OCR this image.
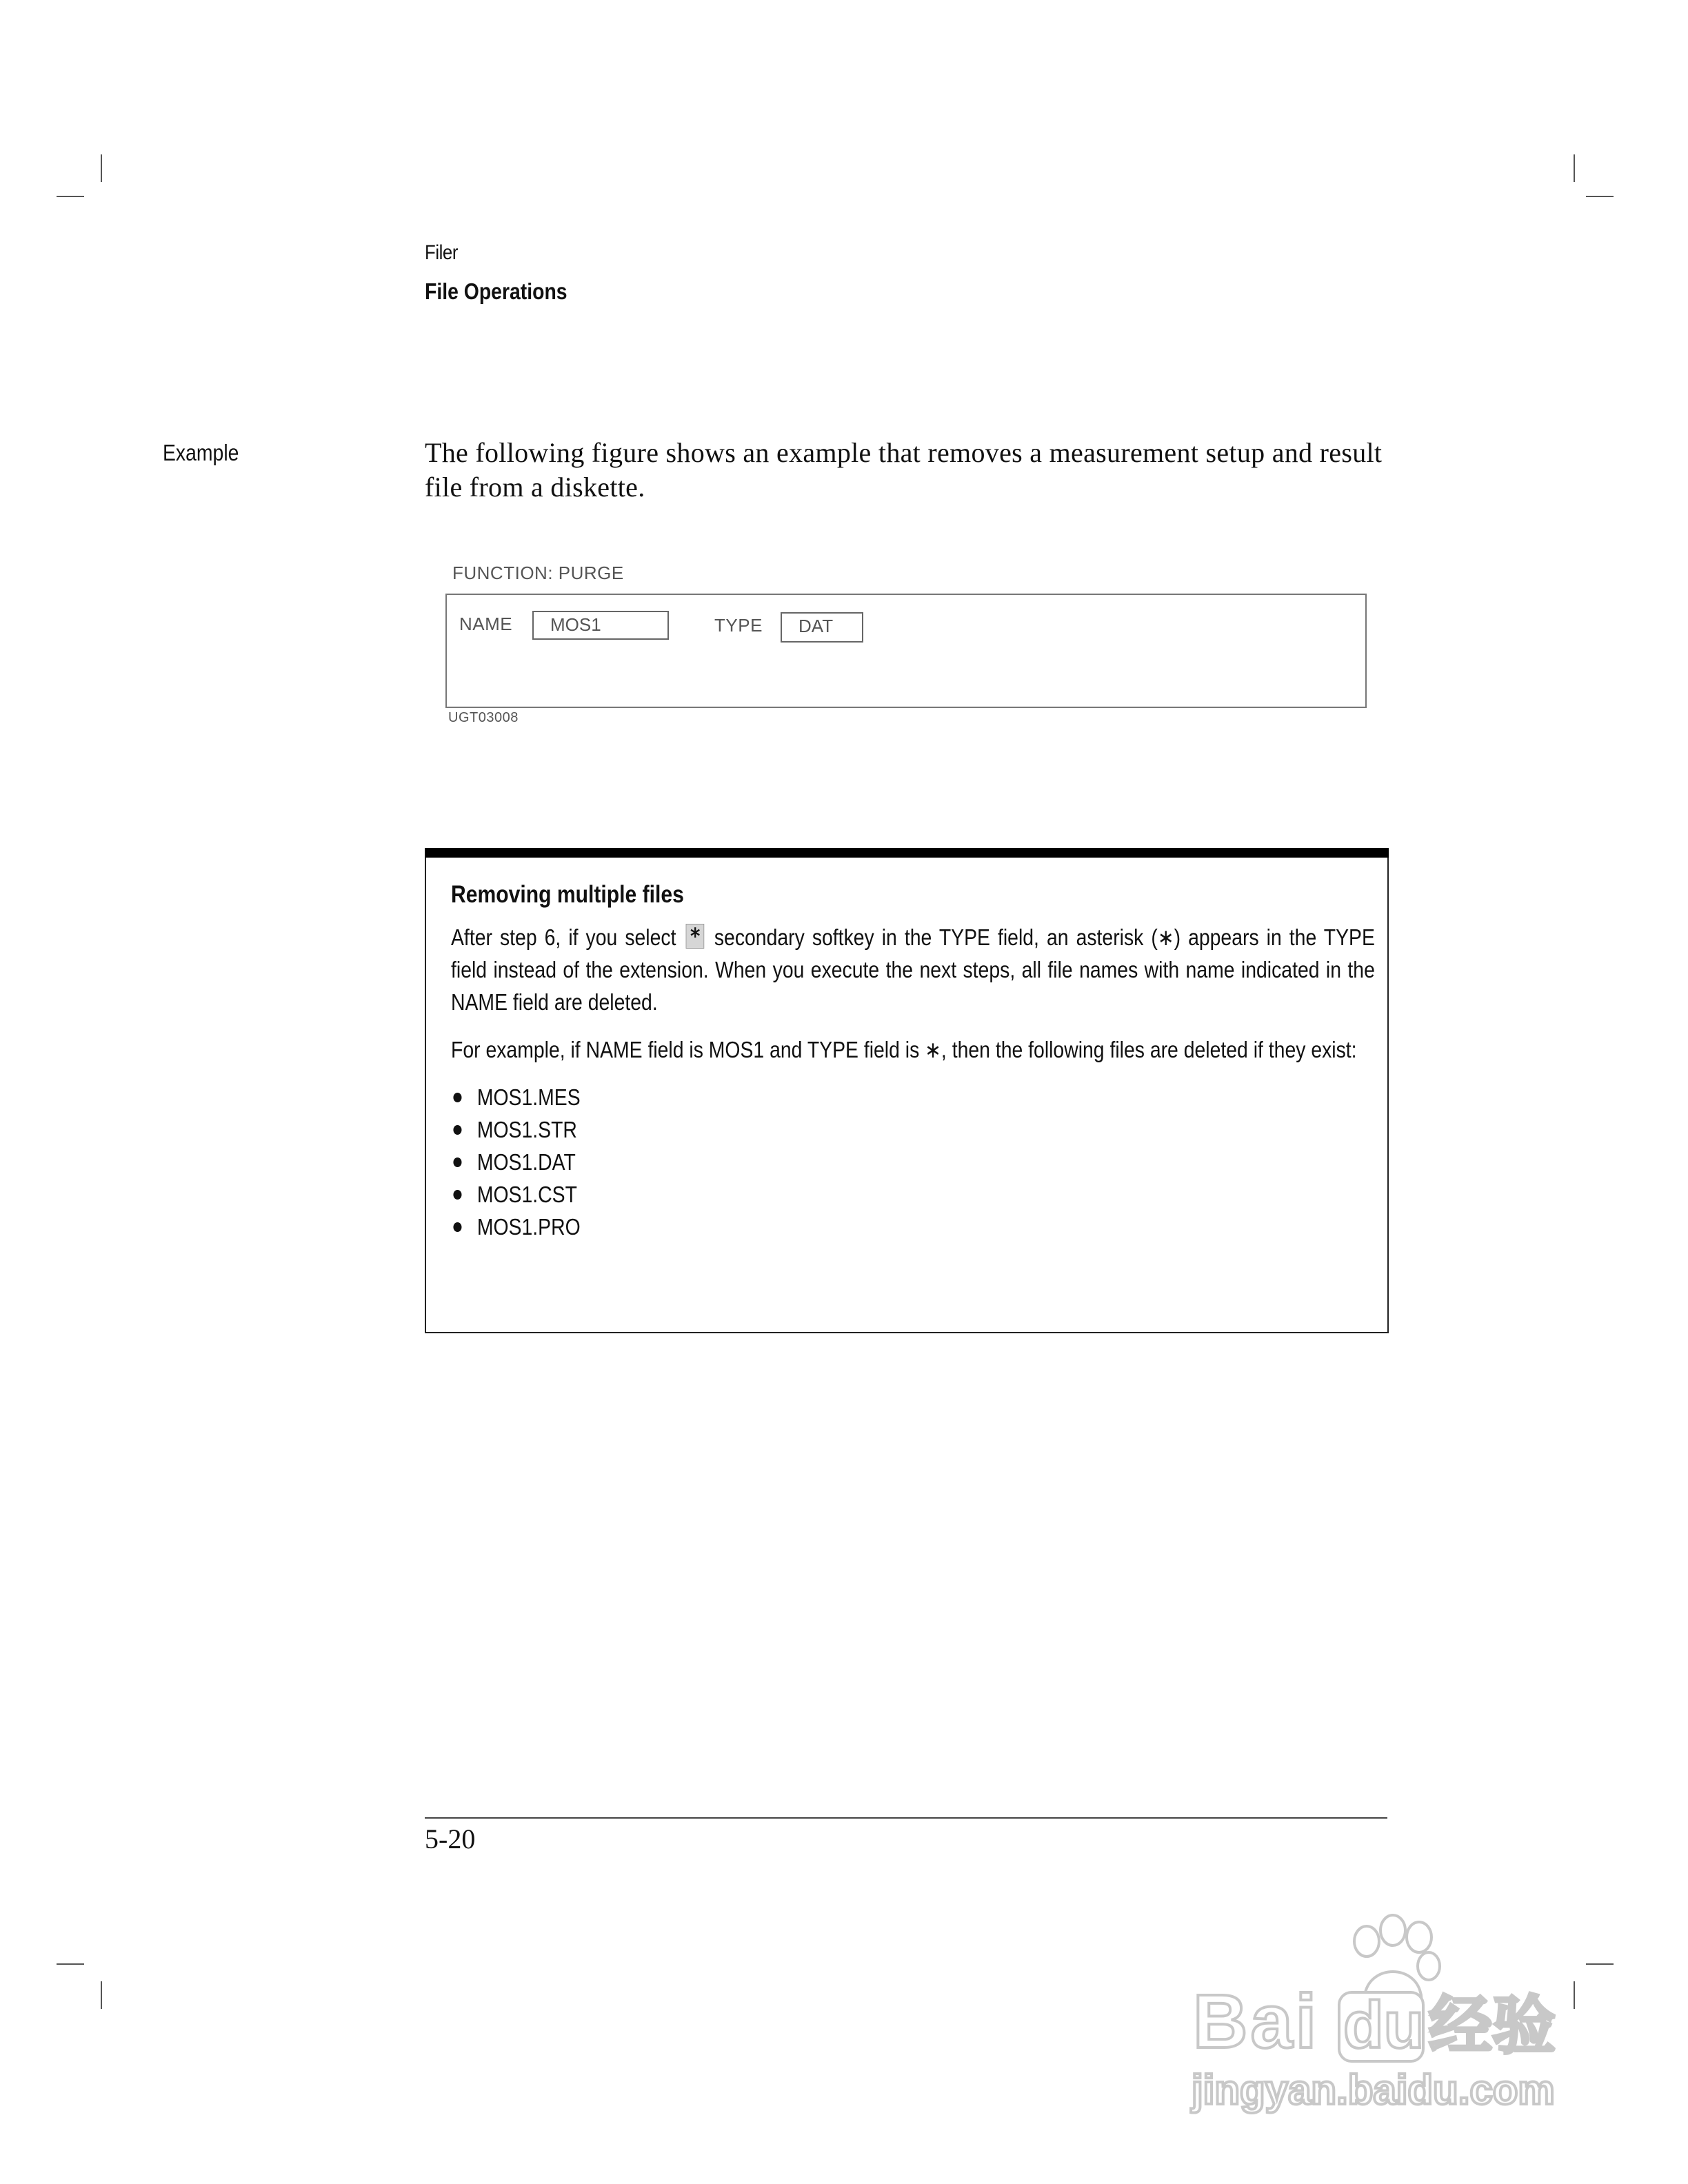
Filer
File Operations
Example	The following figure shows an example that removes a measurement setup and result file from a diskette.
FUNCTION: PURGE
NAME	MOS1	TYPE	DAT
UGT03008
Removing multiple files

After step 6, if you select * secondary softkey in the TYPE field, an asterisk (∗) appears in the TYPE field instead of the extension. When you execute the next steps, all file names with name indicated in the NAME field are deleted.

For example, if NAME field is MOS1 and TYPE field is ∗, then the following files are deleted if they exist:

MOS1.MES
MOS1.STR
MOS1.DAT
MOS1.CST
MOS1.PRO
5-20
Bai du 经验
jingyan.baidu.com
